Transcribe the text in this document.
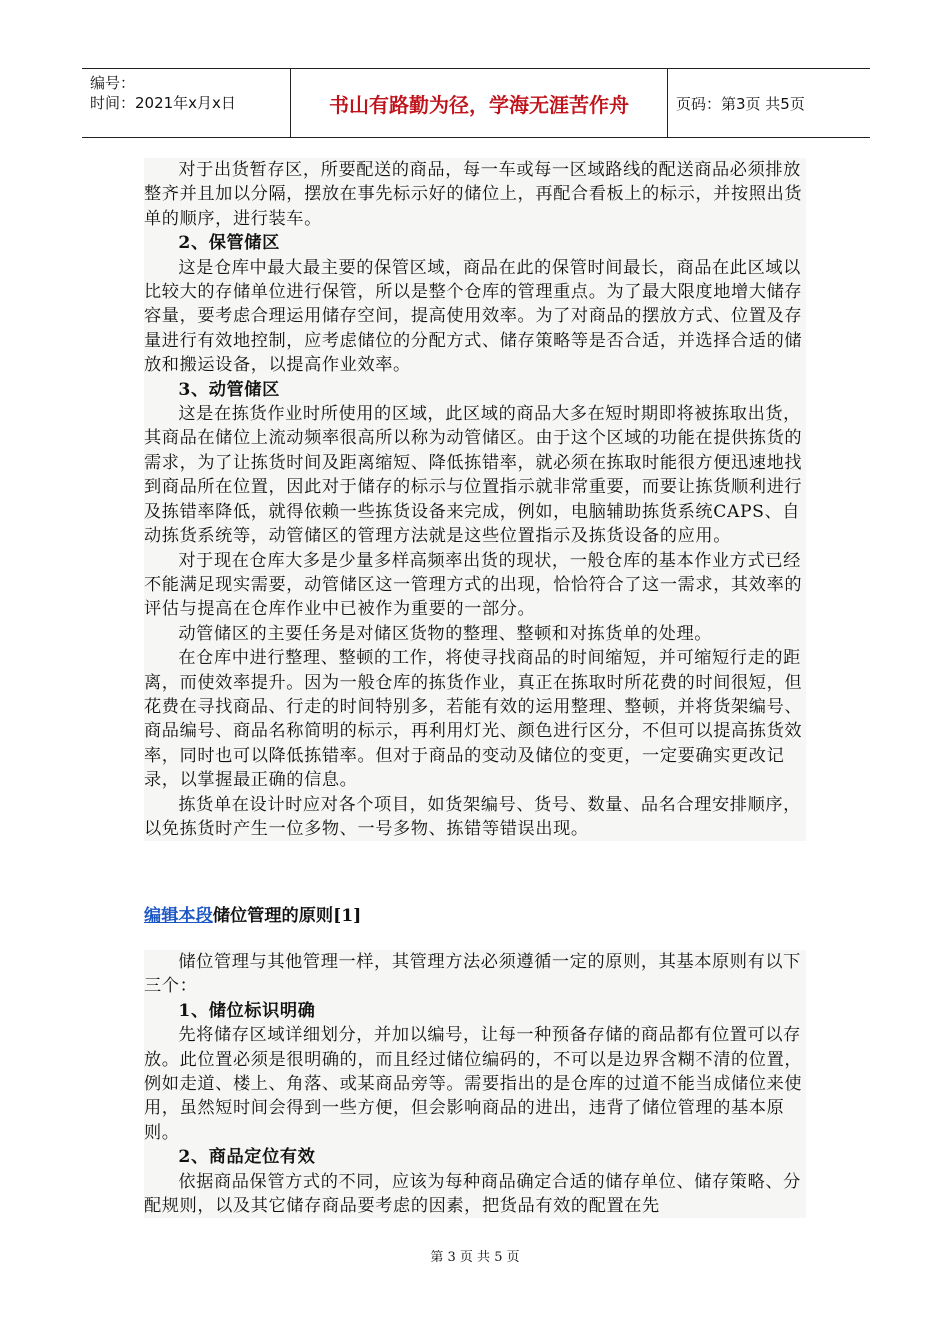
编号：
时间：2021年x月x日	书山有路勤为径，学海无涯苦作舟	页码：第3页 共5页

对于出货暂存区，所要配送的商品，每一车或每一区域路线的配送商品必须排放整齐并且加以分隔，摆放在事先标示好的储位上，再配合看板上的标示，并按照出货单的顺序，进行装车。

2、保管储区

这是仓库中最大最主要的保管区域，商品在此的保管时间最长，商品在此区域以比较大的存储单位进行保管，所以是整个仓库的管理重点。为了最大限度地增大储存容量，要考虑合理运用储存空间，提高使用效率。为了对商品的摆放方式、位置及存量进行有效地控制，应考虑储位的分配方式、储存策略等是否合适，并选择合适的储放和搬运设备，以提高作业效率。

3、动管储区

这是在拣货作业时所使用的区域，此区域的商品大多在短时期即将被拣取出货，其商品在储位上流动频率很高所以称为动管储区。由于这个区域的功能在提供拣货的需求，为了让拣货时间及距离缩短、降低拣错率，就必须在拣取时能很方便迅速地找到商品所在位置，因此对于储存的标示与位置指示就非常重要，而要让拣货顺利进行及拣错率降低，就得依赖一些拣货设备来完成，例如，电脑辅助拣货系统CAPS、自动拣货系统等，动管储区的管理方法就是这些位置指示及拣货设备的应用。

对于现在仓库大多是少量多样高频率出货的现状，一般仓库的基本作业方式已经不能满足现实需要，动管储区这一管理方式的出现，恰恰符合了这一需求，其效率的评估与提高在仓库作业中已被作为重要的一部分。

动管储区的主要任务是对储区货物的整理、整顿和对拣货单的处理。

在仓库中进行整理、整顿的工作，将使寻找商品的时间缩短，并可缩短行走的距离，而使效率提升。因为一般仓库的拣货作业，真正在拣取时所花费的时间很短，但花费在寻找商品、行走的时间特别多，若能有效的运用整理、整顿，并将货架编号、商品编号、商品名称简明的标示，再利用灯光、颜色进行区分，不但可以提高拣货效率，同时也可以降低拣错率。但对于商品的变动及储位的变更，一定要确实更改记录，以掌握最正确的信息。

拣货单在设计时应对各个项目，如货架编号、货号、数量、品名合理安排顺序，以免拣货时产生一位多物、一号多物、拣错等错误出现。

编辑本段储位管理的原则[1]

储位管理与其他管理一样，其管理方法必须遵循一定的原则，其基本原则有以下三个：

1、储位标识明确

先将储存区域详细划分，并加以编号，让每一种预备存储的商品都有位置可以存放。此位置必须是很明确的，而且经过储位编码的，不可以是边界含糊不清的位置，例如走道、楼上、角落、或某商品旁等。需要指出的是仓库的过道不能当成储位来使用，虽然短时间会得到一些方便，但会影响商品的进出，违背了储位管理的基本原则。

2、商品定位有效

依据商品保管方式的不同，应该为每种商品确定合适的储存单位、储存策略、分配规则，以及其它储存商品要考虑的因素，把货品有效的配置在先

第 3 页 共 5 页
